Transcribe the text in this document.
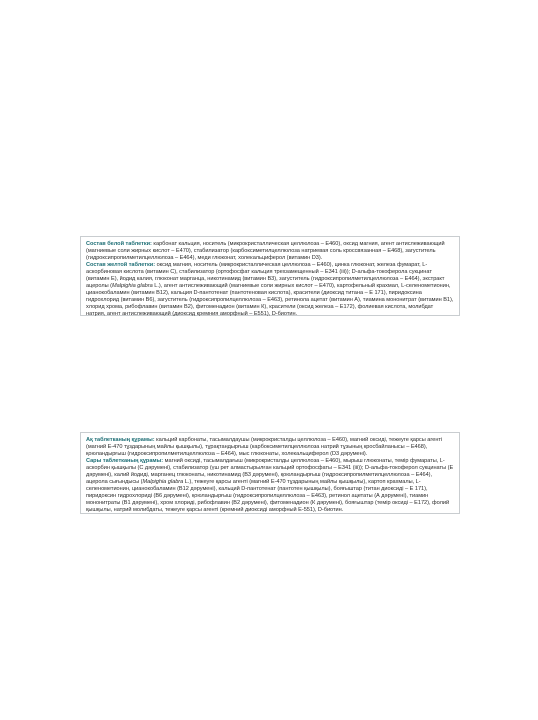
Состав белой таблетки: карбонат кальция, носитель (микрокристаллическая целлюлоза – Е460), оксид магния, агент антислеживающий (магниевые соли жирных кислот – Е470), стабилизатор (карбоксиметилцеллюлоза натриевая соль кроссвязанная – Е468), загуститель (гидроксипропилметилцеллюлоза – Е464), меди глюконат, холекальциферол (витамин D3).

Состав желтой таблетки: оксид магния, носитель (микрокристаллическая целлюлоза – Е460), цинка глюконат, железа фумарат, L-аскорбиновая кислота (витамин C), стабилизатор (ортофосфат кальция трехзамещенный – Е341 (iii)); D-альфа-токоферола сукцинат (витамин Е), йодид калия, глюконат марганца, никотинамид (витамин В3), загуститель (гидроксипропилметилцеллюлоза – Е464), экстракт ацеролы (Malpighia glabra L.), агент антислеживающий (магниевые соли жирных кислот – Е470), картофельный крахмал, L-селенометионин, цианокобаламин (витамин В12), кальция D-пантотенат (пантотеновая кислота), красители (диоксид титана – Е 171), пиридоксина гидрохлорид (витамин В6), загуститель (гидроксипропилцеллюлоза – Е463), ретинола ацетат (витамин А), тиамина мононитрат (витамин В1), хлорид хрома, рибофлавин (витамин В2), фитоменадион (витамин К), красители (оксид железа – Е172), фолиевая кислота, молибдат натрия, агент антислеживающий (диоксид кремния аморфный – Е551), D-биотин.

Ақ таблетканың құрамы: кальций карбонаты, тасымалдаушы (микрокристалды целлюлоза – Е460), магний оксиді, тежеуге қарсы агенті (магний Е-470 тұздарының майлы қышқылы), тұрақтандырғыш (карбоксиметилцеллюлоза натрий тұзының кросбайланысы – Е468), қоюландырғыш (гидроксипропилметилцеллюлоза – Е464), мыс глюконаты, холекальциферол (D3 дәрумені).

Сары таблетканың құрамы: магний оксиді, тасымалдағыш (микрокристалды целлюлоза – Е460), мырыш глюконаты, темір фумараты, L-аскорбин қышқылы (С дәрумені), стабилизатор (үш рет алмастырылған кальций ортофосфаты – Е341 (iii)); D-альфа-токоферол сукцинаты (Е дәрумені), калий йодиді, марганец глюконаты, никотинамид (В3 дәрумені), қоюландырғыш (гидроксипропилметилцеллюлоза – Е464), ацерола сығындысы (Malpighia glabra L.), тежеуге қарсы агенті (магний Е-470 тұздарының майлы қышқылы), картоп крахмалы, L-селенометионин, цианокобаламин (В12 дәрумені), кальций D-пантотенат (пантотен қышқылы), бояғыштар (титан диоксиді – Е 171), пиридоксин гидрохлориді (В6 дәрумені), қоюландырғыш (гидроксипропилцеллюлоза – Е463), ретинол ацетаты (А дәрумені), тиамин мононитраты (В1 дәрумені), хром хлориді, рибофлавин (В2 дәрумені), фитоменадион (К дәрумені), бояғыштар (темір оксиді – Е172), фолий қышқылы, натрий молибдаты, тежеуге қарсы агенті (кремний диоксиді аморфный Е-551), D-биотин.
